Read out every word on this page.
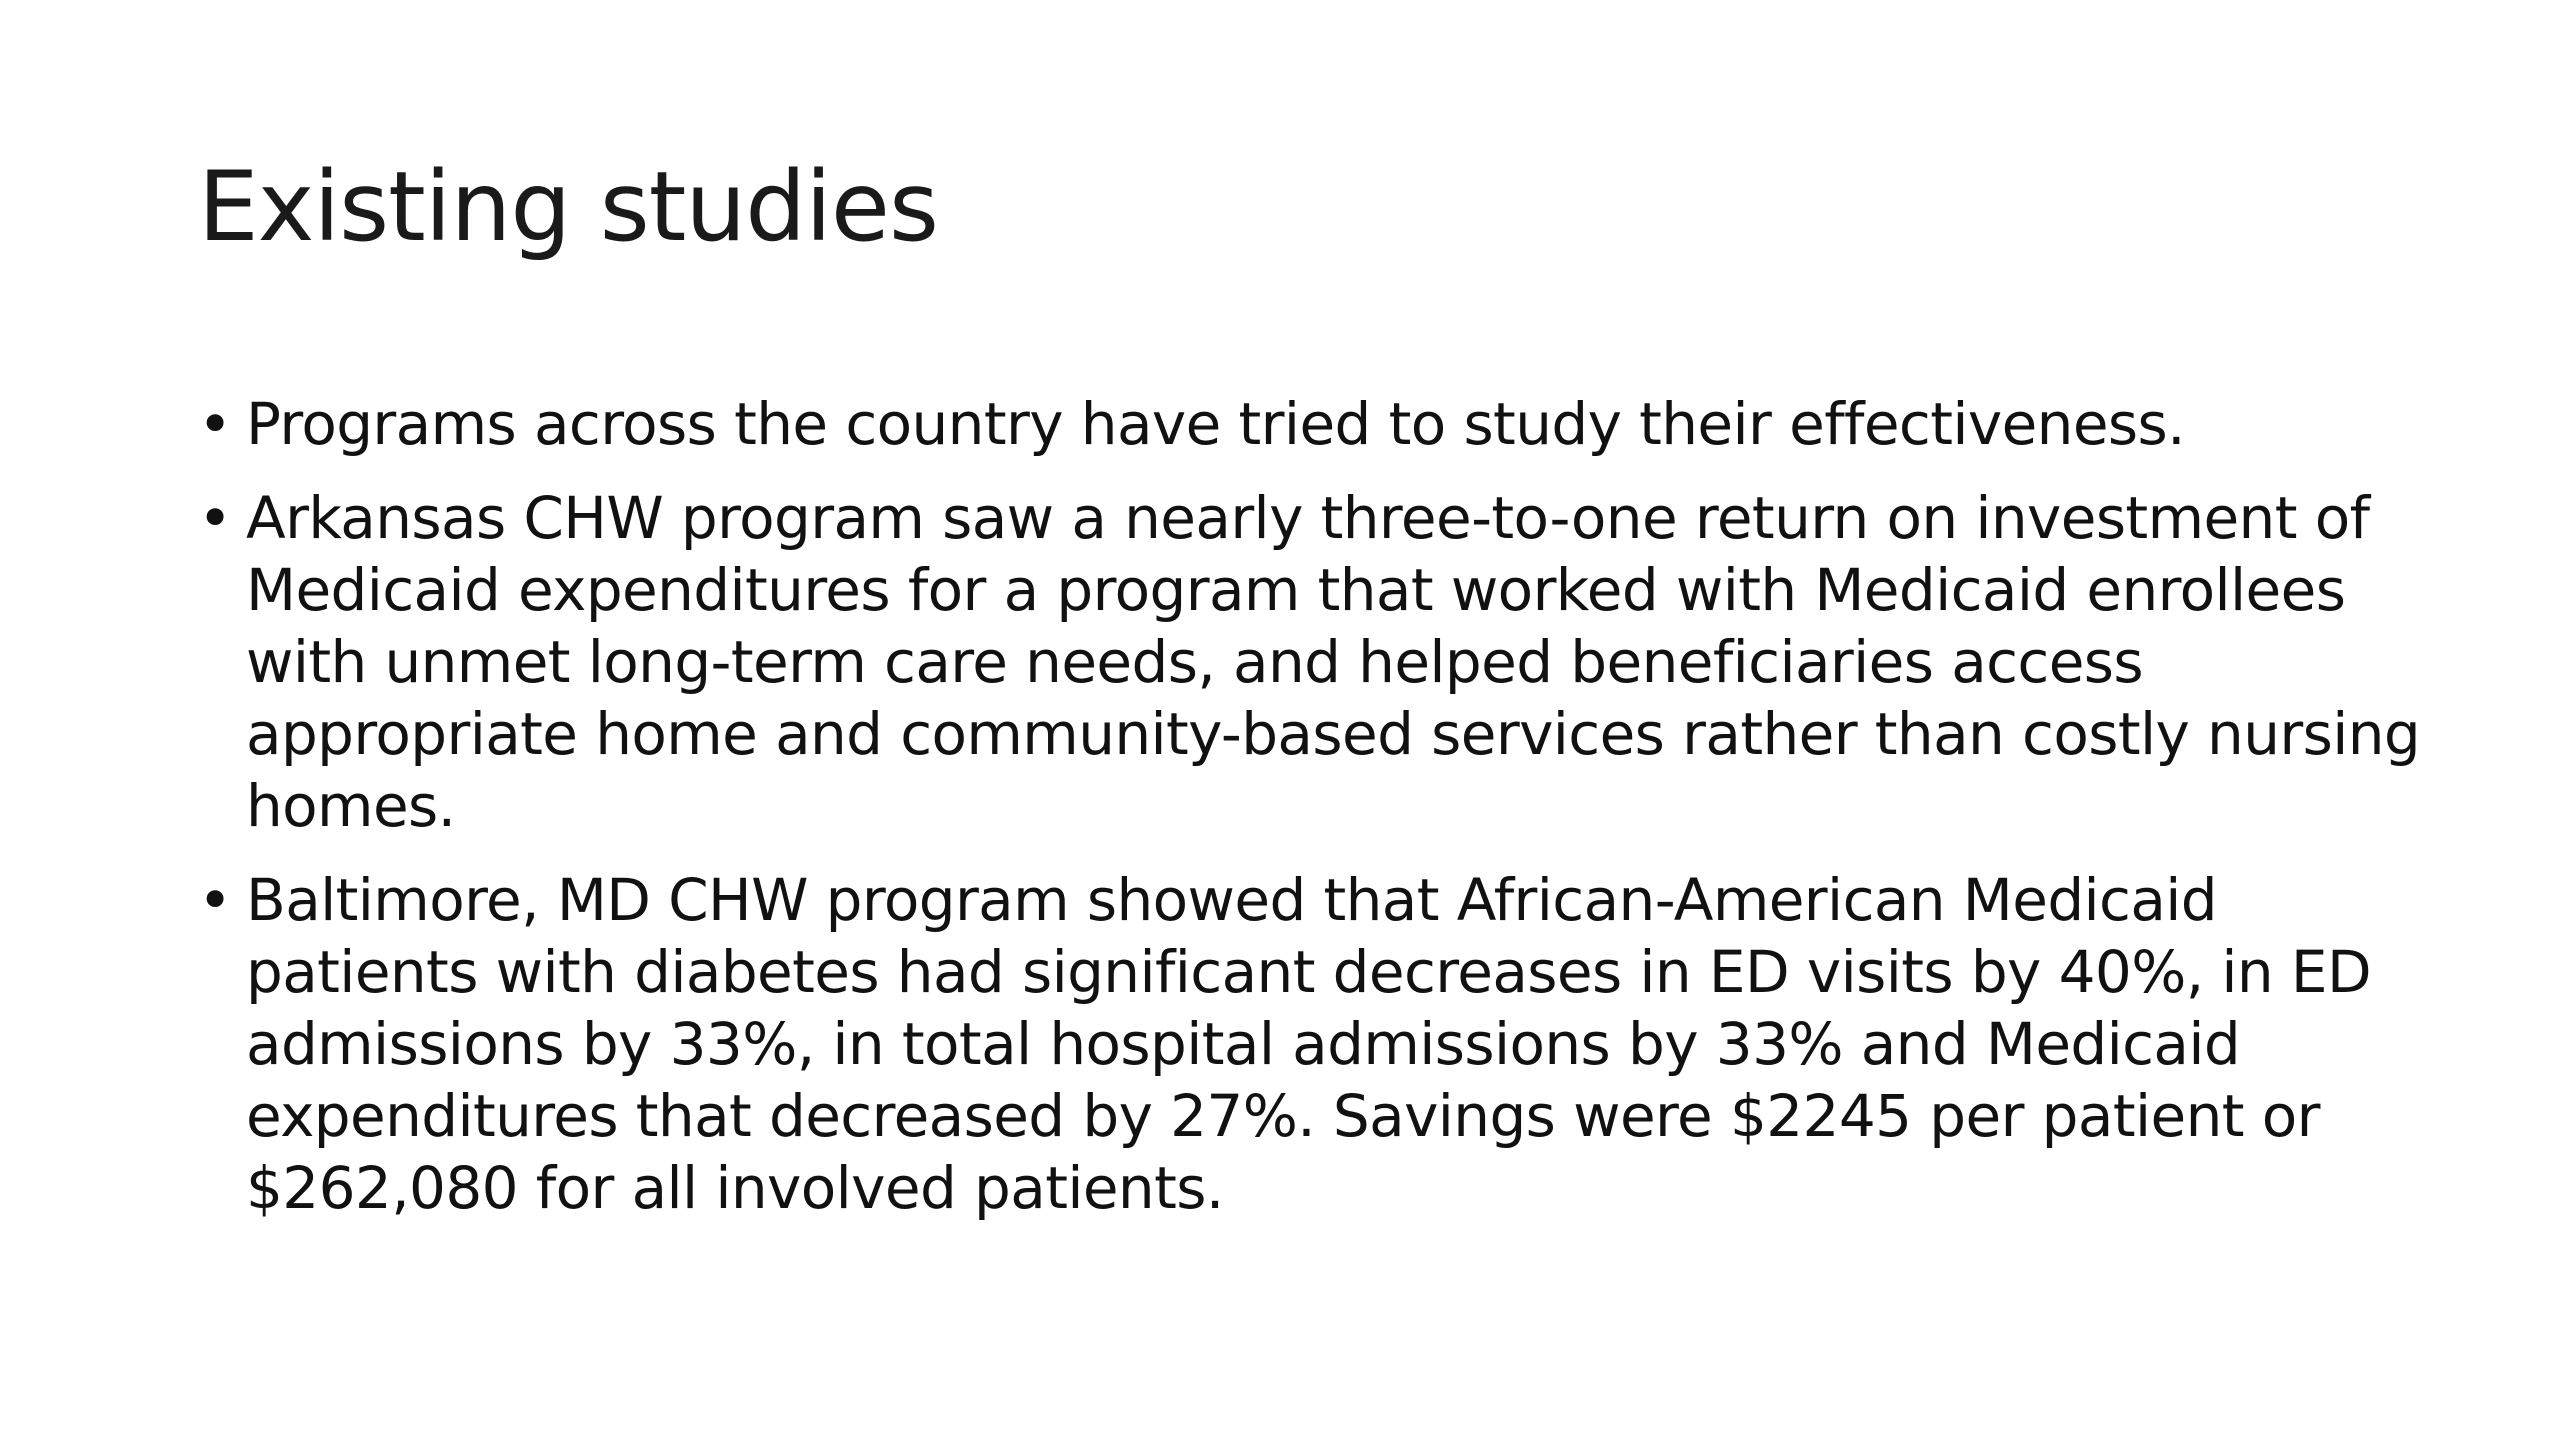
Existing studies
• Programs across the country have tried to study their effectiveness.
• Arkansas CHW program saw a nearly three-to-one return on investment of Medicaid expenditures for a program that worked with Medicaid enrollees with unmet long-term care needs, and helped beneficiaries access appropriate home and community-based services rather than costly nursing homes.
• Baltimore, MD CHW program showed that African-American Medicaid patients with diabetes had significant decreases in ED visits by 40%, in ED admissions by 33%, in total hospital admissions by 33% and Medicaid expenditures that decreased by 27%. Savings were $2245 per patient or $262,080 for all involved patients.
